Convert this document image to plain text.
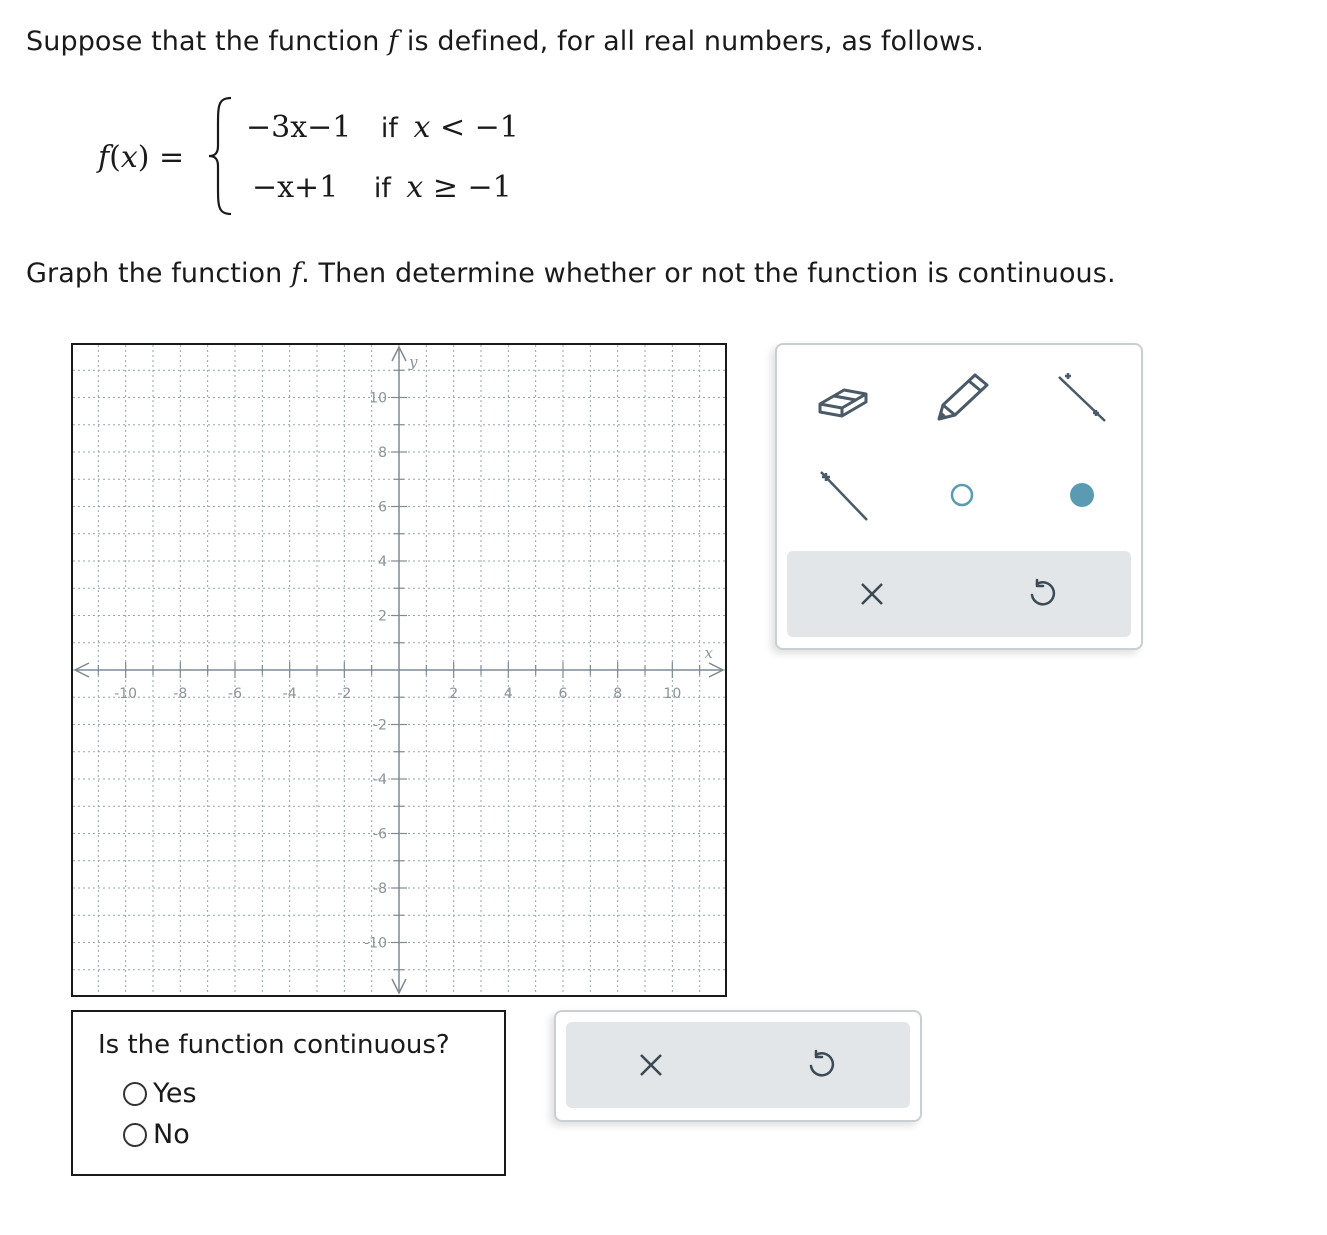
Suppose that the function f is defined, for all real numbers, as follows.
f(x) =
−3x−1 if x < −1
−x+1 if x ≥ −1
Graph the function f. Then determine whether or not the function is continuous.
-10	-8	-6	-4	-2	2	4	6	8	10
10
8
6
4
2
-2
-4
-6
-8
-10
x
y
Is the function continuous?
Yes
No
